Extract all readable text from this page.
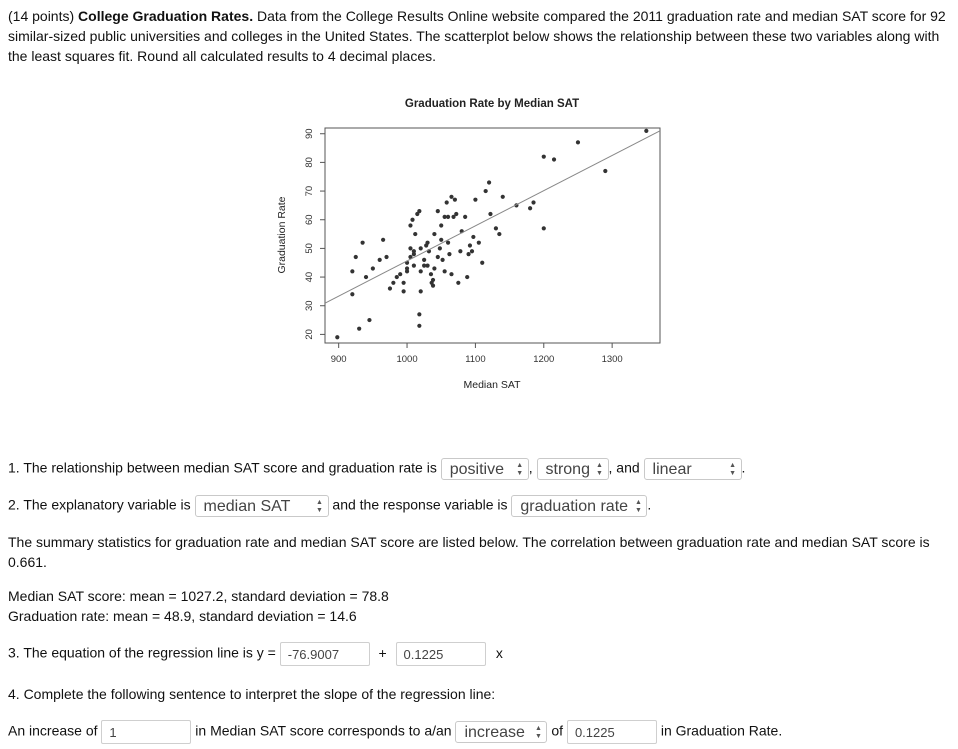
(14 points) College Graduation Rates. Data from the College Results Online website compared the 2011 graduation rate and median SAT score for 92 similar-sized public universities and colleges in the United States. The scatterplot below shows the relationship between these two variables along with the least squares fit. Round all calculated results to 4 decimal places.

Graduation Rate by Median SAT
900	1000	1100	1200	1300
20
30
40
50
60
70
80
90
Median SAT
Graduation Rate
1. The relationship between median SAT score and graduation rate is positive ▲
▼ , strong ▲
▼ , and linear	▲
▼ .
2. The explanatory variable is median SAT	▲
▼ and the response variable is graduation rate ▲
▼ .
The summary statistics for graduation rate and median SAT score are listed below. The correlation between graduation rate and median SAT score is 0.661.
Median SAT score: mean = 1027.2, standard deviation = 78.8
Graduation rate: mean = 48.9, standard deviation = 14.6
3. The equation of the regression line is y = -76.9007	+ 0.1225	x
4. Complete the following sentence to interpret the slope of the regression line:
An increase of 1	in Median SAT score corresponds to a/an increase ▲
▼ of 0.1225	in Graduation Rate.
